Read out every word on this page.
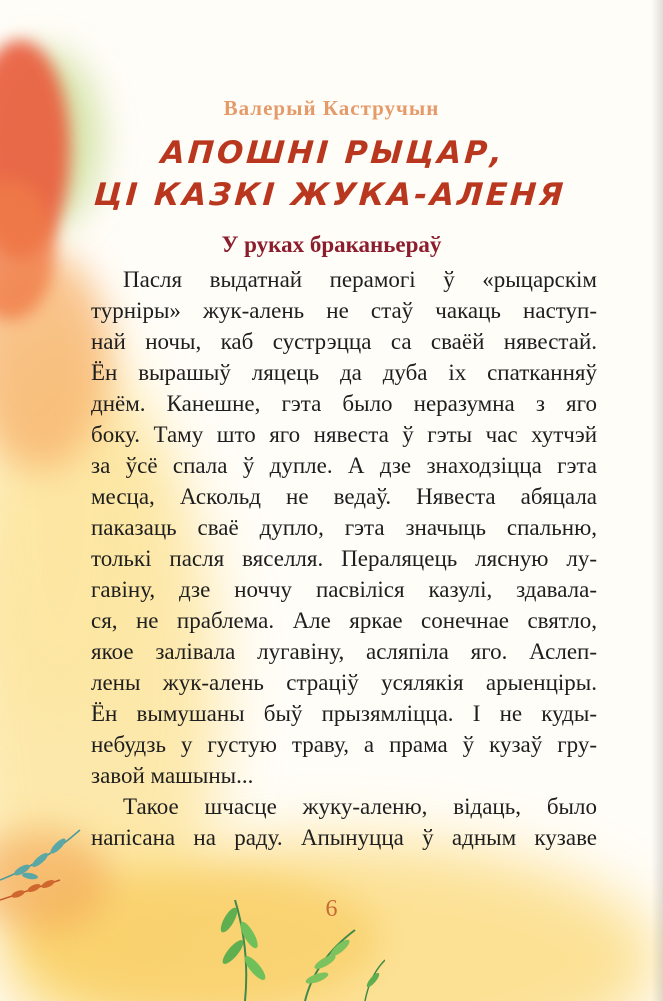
Валерый Кастручын

АПОШНІ РЫЦАР,
ЦІ КАЗКІ ЖУКА-АЛЕНЯ
У руках браканьераў

Пасля выдатнай перамогі ў «рыцарскім
турніры» жук-алень не стаў чакаць наступ-
най ночы, каб сустрэцца са сваёй нявестай.
Ён вырашыў ляцець да дуба іх спатканняў
днём. Канешне, гэта было неразумна з яго
боку. Таму што яго нявеста ў гэты час хутчэй
за ўсё спала ў дупле. А дзе знаходзіцца гэта
месца, Аскольд не ведаў. Нявеста абяцала
паказаць сваё дупло, гэта значыць спальню,
толькі пасля вяселля. Пераляцець лясную лу-
гавіну, дзе ноччу пасвіліся казулі, здавала-
ся, не праблема. Але яркае сонечнае святло,
якое залівала лугавіну, асляпіла яго. Аслеп-
лены жук-алень страціў усялякія арыенціры.
Ён вымушаны быў прызямліцца. І не куды-
небудзь у густую траву, а прама ў кузаў гру-
завой машыны...

Такое шчасце жуку-аленю, відаць, было
напісана на раду. Апынуцца ў адным кузаве

6
